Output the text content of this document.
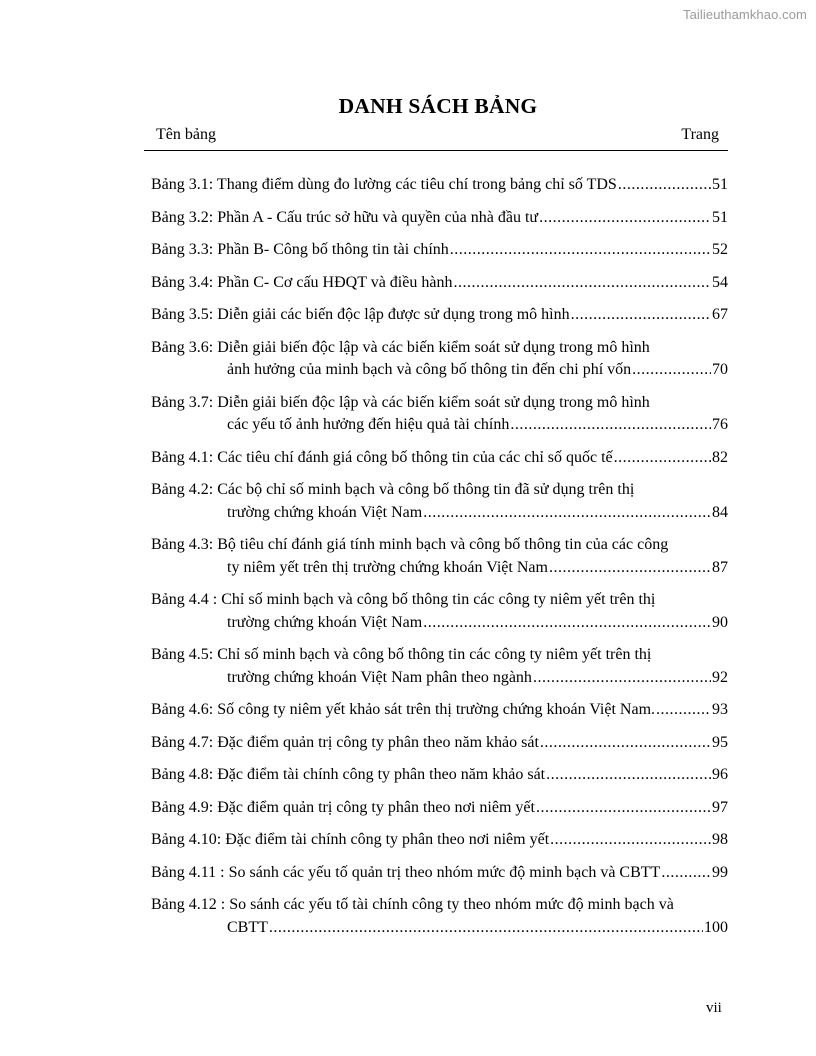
Tailieuthamkhao.com
DANH SÁCH BẢNG
Tên bảng	Trang
Bảng 3.1: Thang điểm dùng đo lường các tiêu chí trong bảng chỉ số TDS .....	51
Bảng 3.2: Phần A - Cấu trúc sở hữu và quyền của nhà đầu tư .....	51
Bảng 3.3: Phần B- Công bố thông tin tài chính .....	52
Bảng 3.4: Phần C- Cơ cấu HĐQT và điều hành .....	54
Bảng 3.5: Diễn giải các biến độc lập được sử dụng trong mô hình .....	67
Bảng 3.6: Diễn giải biến độc lập và các biến kiểm soát sử dụng trong mô hình
ảnh hưởng của minh bạch và công bố thông tin đến chi phí vốn .....	70
Bảng 3.7: Diễn giải biến độc lập và các biến kiểm soát sử dụng trong mô hình
các yếu tố ảnh hưởng đến hiệu quả tài chính .....	76
Bảng 4.1: Các tiêu chí đánh giá công bố thông tin của các chỉ số quốc tế .....	82
Bảng 4.2: Các bộ chỉ số minh bạch và công bố thông tin đã sử dụng trên thị
trường chứng khoán Việt Nam .....	84
Bảng 4.3: Bộ tiêu chí đánh giá tính minh bạch và công bố thông tin của các công
ty niêm yết trên thị trường chứng khoán Việt Nam .....	87
Bảng 4.4 : Chỉ số minh bạch và công bố thông tin các công ty niêm yết trên thị
trường chứng khoán Việt Nam .....	90
Bảng 4.5: Chỉ số minh bạch và công bố thông tin các công ty niêm yết trên thị
trường chứng khoán Việt Nam phân theo ngành .....	92
Bảng 4.6: Số công ty niêm yết khảo sát trên thị trường chứng khoán Việt Nam. .....	93
Bảng 4.7: Đặc điểm quản trị công ty phân theo năm khảo sát .....	95
Bảng 4.8: Đặc điểm tài chính công ty phân theo năm khảo sát .....	96
Bảng 4.9: Đặc điểm quản trị công ty phân theo nơi niêm yết .....	97
Bảng 4.10: Đặc điểm tài chính công ty phân theo nơi niêm yết .....	98
Bảng 4.11 : So sánh các yếu tố quản trị theo nhóm mức độ minh bạch và CBTT .....	99
Bảng 4.12 : So sánh các yếu tố tài chính công ty theo nhóm mức độ minh bạch và
CBTT .....	100
vii
